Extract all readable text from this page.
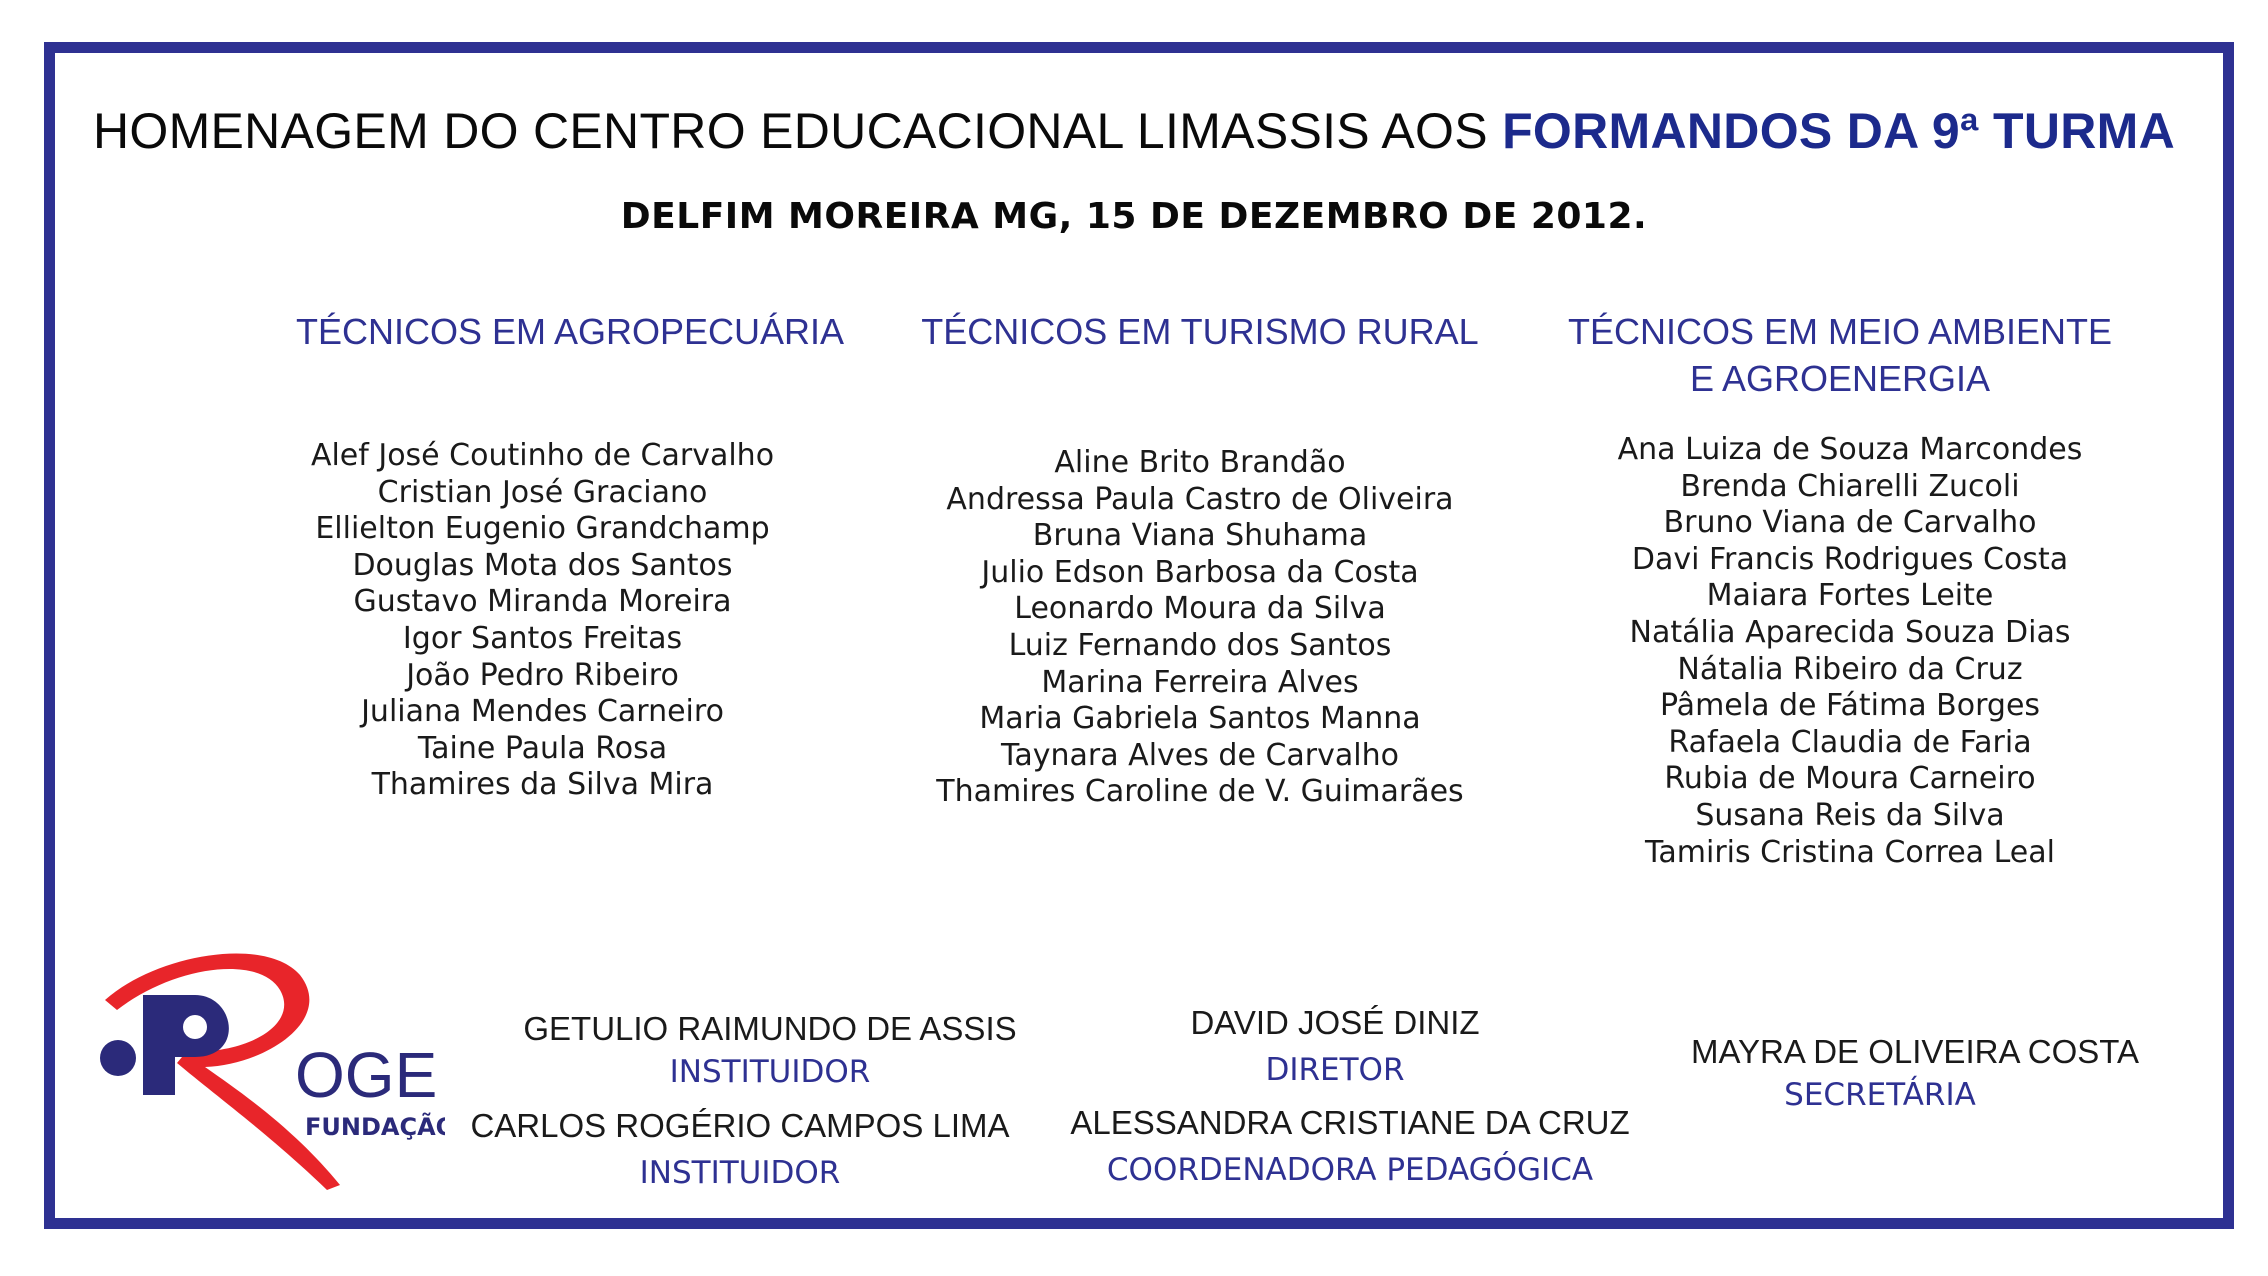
HOMENAGEM DO CENTRO EDUCACIONAL LIMASSIS AOS FORMANDOS DA 9ª TURMA
DELFIM MOREIRA MG, 15 DE DEZEMBRO DE 2012.
TÉCNICOS EM AGROPECUÁRIA
Alef José Coutinho de Carvalho
Cristian José Graciano
Ellielton Eugenio Grandchamp
Douglas Mota dos Santos
Gustavo Miranda Moreira
Igor Santos Freitas
João Pedro Ribeiro
Juliana Mendes Carneiro
Taine Paula Rosa
Thamires da Silva Mira
TÉCNICOS EM TURISMO RURAL
Aline Brito Brandão
Andressa Paula Castro de Oliveira
Bruna Viana Shuhama
Julio Edson Barbosa da Costa
Leonardo Moura da Silva
Luiz Fernando dos Santos
Marina Ferreira Alves
Maria Gabriela Santos Manna
Taynara Alves de Carvalho
Thamires Caroline de V. Guimarães
TÉCNICOS EM MEIO AMBIENTE
E AGROENERGIA
Ana Luiza de Souza Marcondes
Brenda Chiarelli Zucoli
Bruno Viana de Carvalho
Davi Francis Rodrigues Costa
Maiara Fortes Leite
Natália Aparecida Souza Dias
Nátalia Ribeiro da Cruz
Pâmela de Fátima Borges
Rafaela Claudia de Faria
Rubia de Moura Carneiro
Susana Reis da Silva
Tamiris Cristina Correa Leal
OGE
FUNDAÇÃO
GETULIO RAIMUNDO DE ASSIS
INSTITUIDOR
CARLOS ROGÉRIO CAMPOS LIMA
INSTITUIDOR
DAVID JOSÉ DINIZ
DIRETOR
ALESSANDRA CRISTIANE DA CRUZ
COORDENADORA PEDAGÓGICA
MAYRA DE OLIVEIRA COSTA
SECRETÁRIA
